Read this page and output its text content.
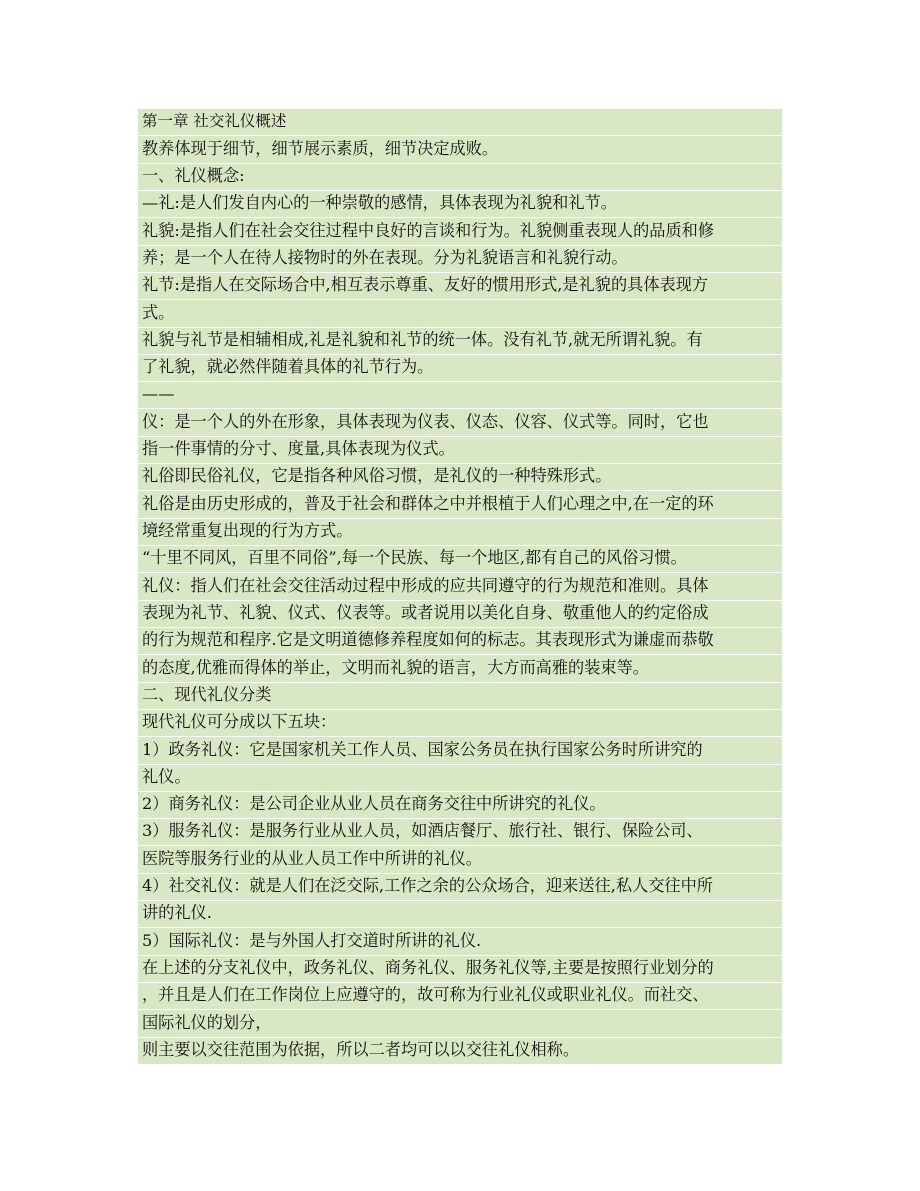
第一章 社交礼仪概述
教养体现于细节，细节展示素质，细节决定成败。
一、礼仪概念:
—礼:是人们发自内心的一种崇敬的感情，具体表现为礼貌和礼节。
礼貌:是指人们在社会交往过程中良好的言谈和行为。礼貌侧重表现人的品质和修
养；是一个人在待人接物时的外在表现。分为礼貌语言和礼貌行动。
礼节:是指人在交际场合中,相互表示尊重、友好的惯用形式,是礼貌的具体表现方
式。
礼貌与礼节是相辅相成,礼是礼貌和礼节的统一体。没有礼节,就无所谓礼貌。有
了礼貌，就必然伴随着具体的礼节行为。
——
仪：是一个人的外在形象，具体表现为仪表、仪态、仪容、仪式等。同时，它也
指一件事情的分寸、度量,具体表现为仪式。
礼俗即民俗礼仪，它是指各种风俗习惯，是礼仪的一种特殊形式。
礼俗是由历史形成的，普及于社会和群体之中并根植于人们心理之中,在一定的环
境经常重复出现的行为方式。
“十里不同风，百里不同俗”,每一个民族、每一个地区,都有自己的风俗习惯。
礼仪：指人们在社会交往活动过程中形成的应共同遵守的行为规范和准则。具体
表现为礼节、礼貌、仪式、仪表等。或者说用以美化自身、敬重他人的约定俗成
的行为规范和程序.它是文明道德修养程度如何的标志。其表现形式为谦虚而恭敬
的态度,优雅而得体的举止，文明而礼貌的语言，大方而高雅的装束等。
二、现代礼仪分类
现代礼仪可分成以下五块：
1）政务礼仪：它是国家机关工作人员、国家公务员在执行国家公务时所讲究的
礼仪。
2）商务礼仪：是公司企业从业人员在商务交往中所讲究的礼仪。
3）服务礼仪：是服务行业从业人员，如酒店餐厅、旅行社、银行、保险公司、
医院等服务行业的从业人员工作中所讲的礼仪。
4）社交礼仪：就是人们在泛交际,工作之余的公众场合，迎来送往,私人交往中所
讲的礼仪.
5）国际礼仪：是与外国人打交道时所讲的礼仪.
在上述的分支礼仪中，政务礼仪、商务礼仪、服务礼仪等,主要是按照行业划分的
，并且是人们在工作岗位上应遵守的，故可称为行业礼仪或职业礼仪。而社交、
国际礼仪的划分，
则主要以交往范围为依据，所以二者均可以以交往礼仪相称。
